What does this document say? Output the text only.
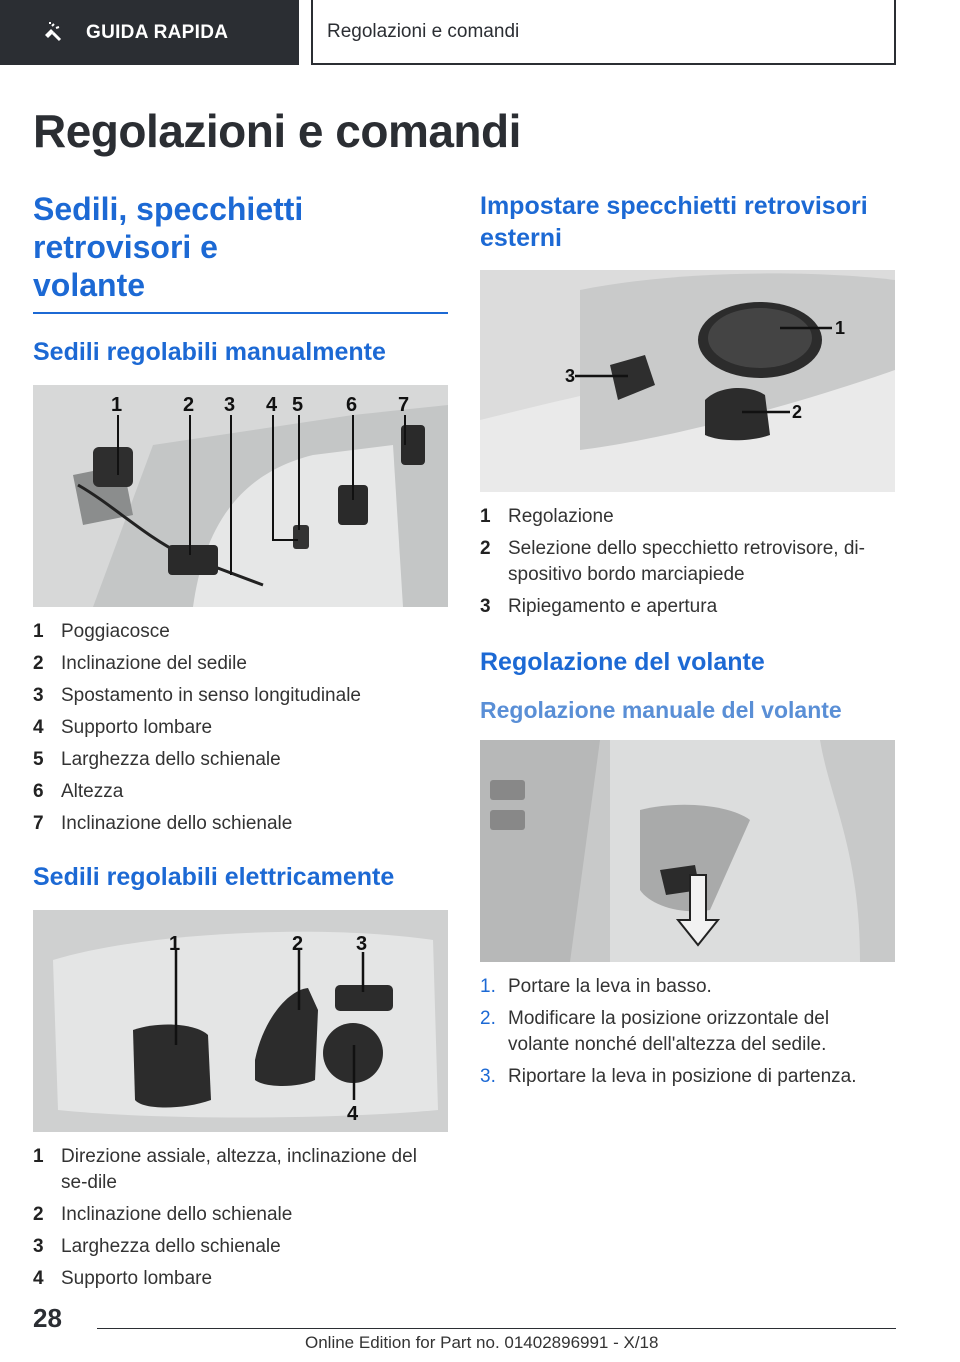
GUIDA RAPIDA	Regolazioni e comandi
Regolazioni e comandi
Sedili, specchietti retrovisori e volante
Sedili regolabili manualmente
1	2 3 4 5 6 7
1 Poggiacosce
2 Inclinazione del sedile
3 Spostamento in senso longitudinale
4 Supporto lombare
5 Larghezza dello schienale
6 Altezza
7 Inclinazione dello schienale
Sedili regolabili elettricamente
1	2	3
4
1 Direzione assiale, altezza, inclinazione del se-dile
2 Inclinazione dello schienale
3 Larghezza dello schienale
4 Supporto lombare
Impostare specchietti retrovisori esterni
1
2
3
1 Regolazione
2 Selezione dello specchietto retrovisore, di-spositivo bordo marciapiede
3 Ripiegamento e apertura
Regolazione del volante
Regolazione manuale del volante
1. Portare la leva in basso.
2. Modificare la posizione orizzontale del volante nonché dell'altezza del sedile.
3. Riportare la leva in posizione di partenza.
28
Online Edition for Part no. 01402896991 - X/18
